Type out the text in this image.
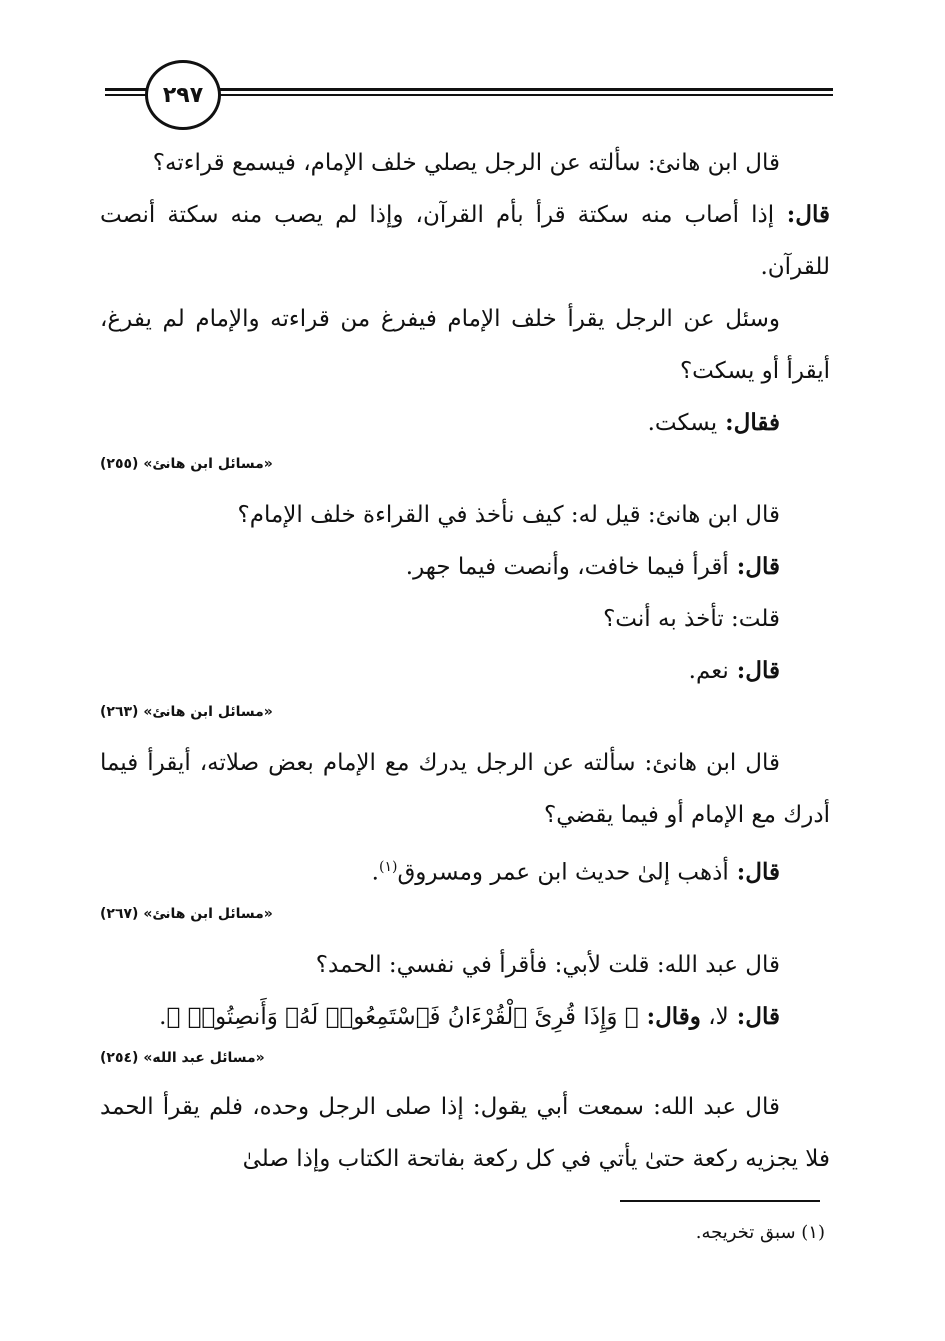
٢٩٧

قال ابن هانئ: سألته عن الرجل يصلي خلف الإمام، فيسمع قراءته؟
قال: إذا أصاب منه سكتة قرأ بأم القرآن، وإذا لم يصب منه سكتة أنصت للقرآن.

وسئل عن الرجل يقرأ خلف الإمام فيفرغ من قراءته والإمام لم يفرغ، أيقرأ أو يسكت؟

فقال: يسكت.

«مسائل ابن هانئ» (٢٥٥)

قال ابن هانئ: قيل له: كيف نأخذ في القراءة خلف الإمام؟

قال: أقرأ فيما خافت، وأنصت فيما جهر.

قلت: تأخذ به أنت؟

قال: نعم.

«مسائل ابن هانئ» (٢٦٣)

قال ابن هانئ: سألته عن الرجل يدرك مع الإمام بعض صلاته، أيقرأ فيما أدرك مع الإمام أو فيما يقضي؟

قال: أذهب إلىٰ حديث ابن عمر ومسروق$^{(١)}$.

«مسائل ابن هانئ» (٢٦٧)

قال عبد الله: قلت لأبي: فأقرأ في نفسي: الحمد؟

قال: لا، وقال: ﴿ وَإِذَا قُرِئَ ٱلْقُرْءَانُ فَٱسْتَمِعُوا۟ لَهُۥ وَأَنصِتُوا۟ ﴾.

«مسائل عبد الله» (٢٥٤)

قال عبد الله: سمعت أبي يقول: إذا صلى الرجل وحده، فلم يقرأ الحمد فلا يجزيه ركعة حتىٰ يأتي في كل ركعة بفاتحة الكتاب وإذا صلىٰ

(١) سبق تخريجه.
